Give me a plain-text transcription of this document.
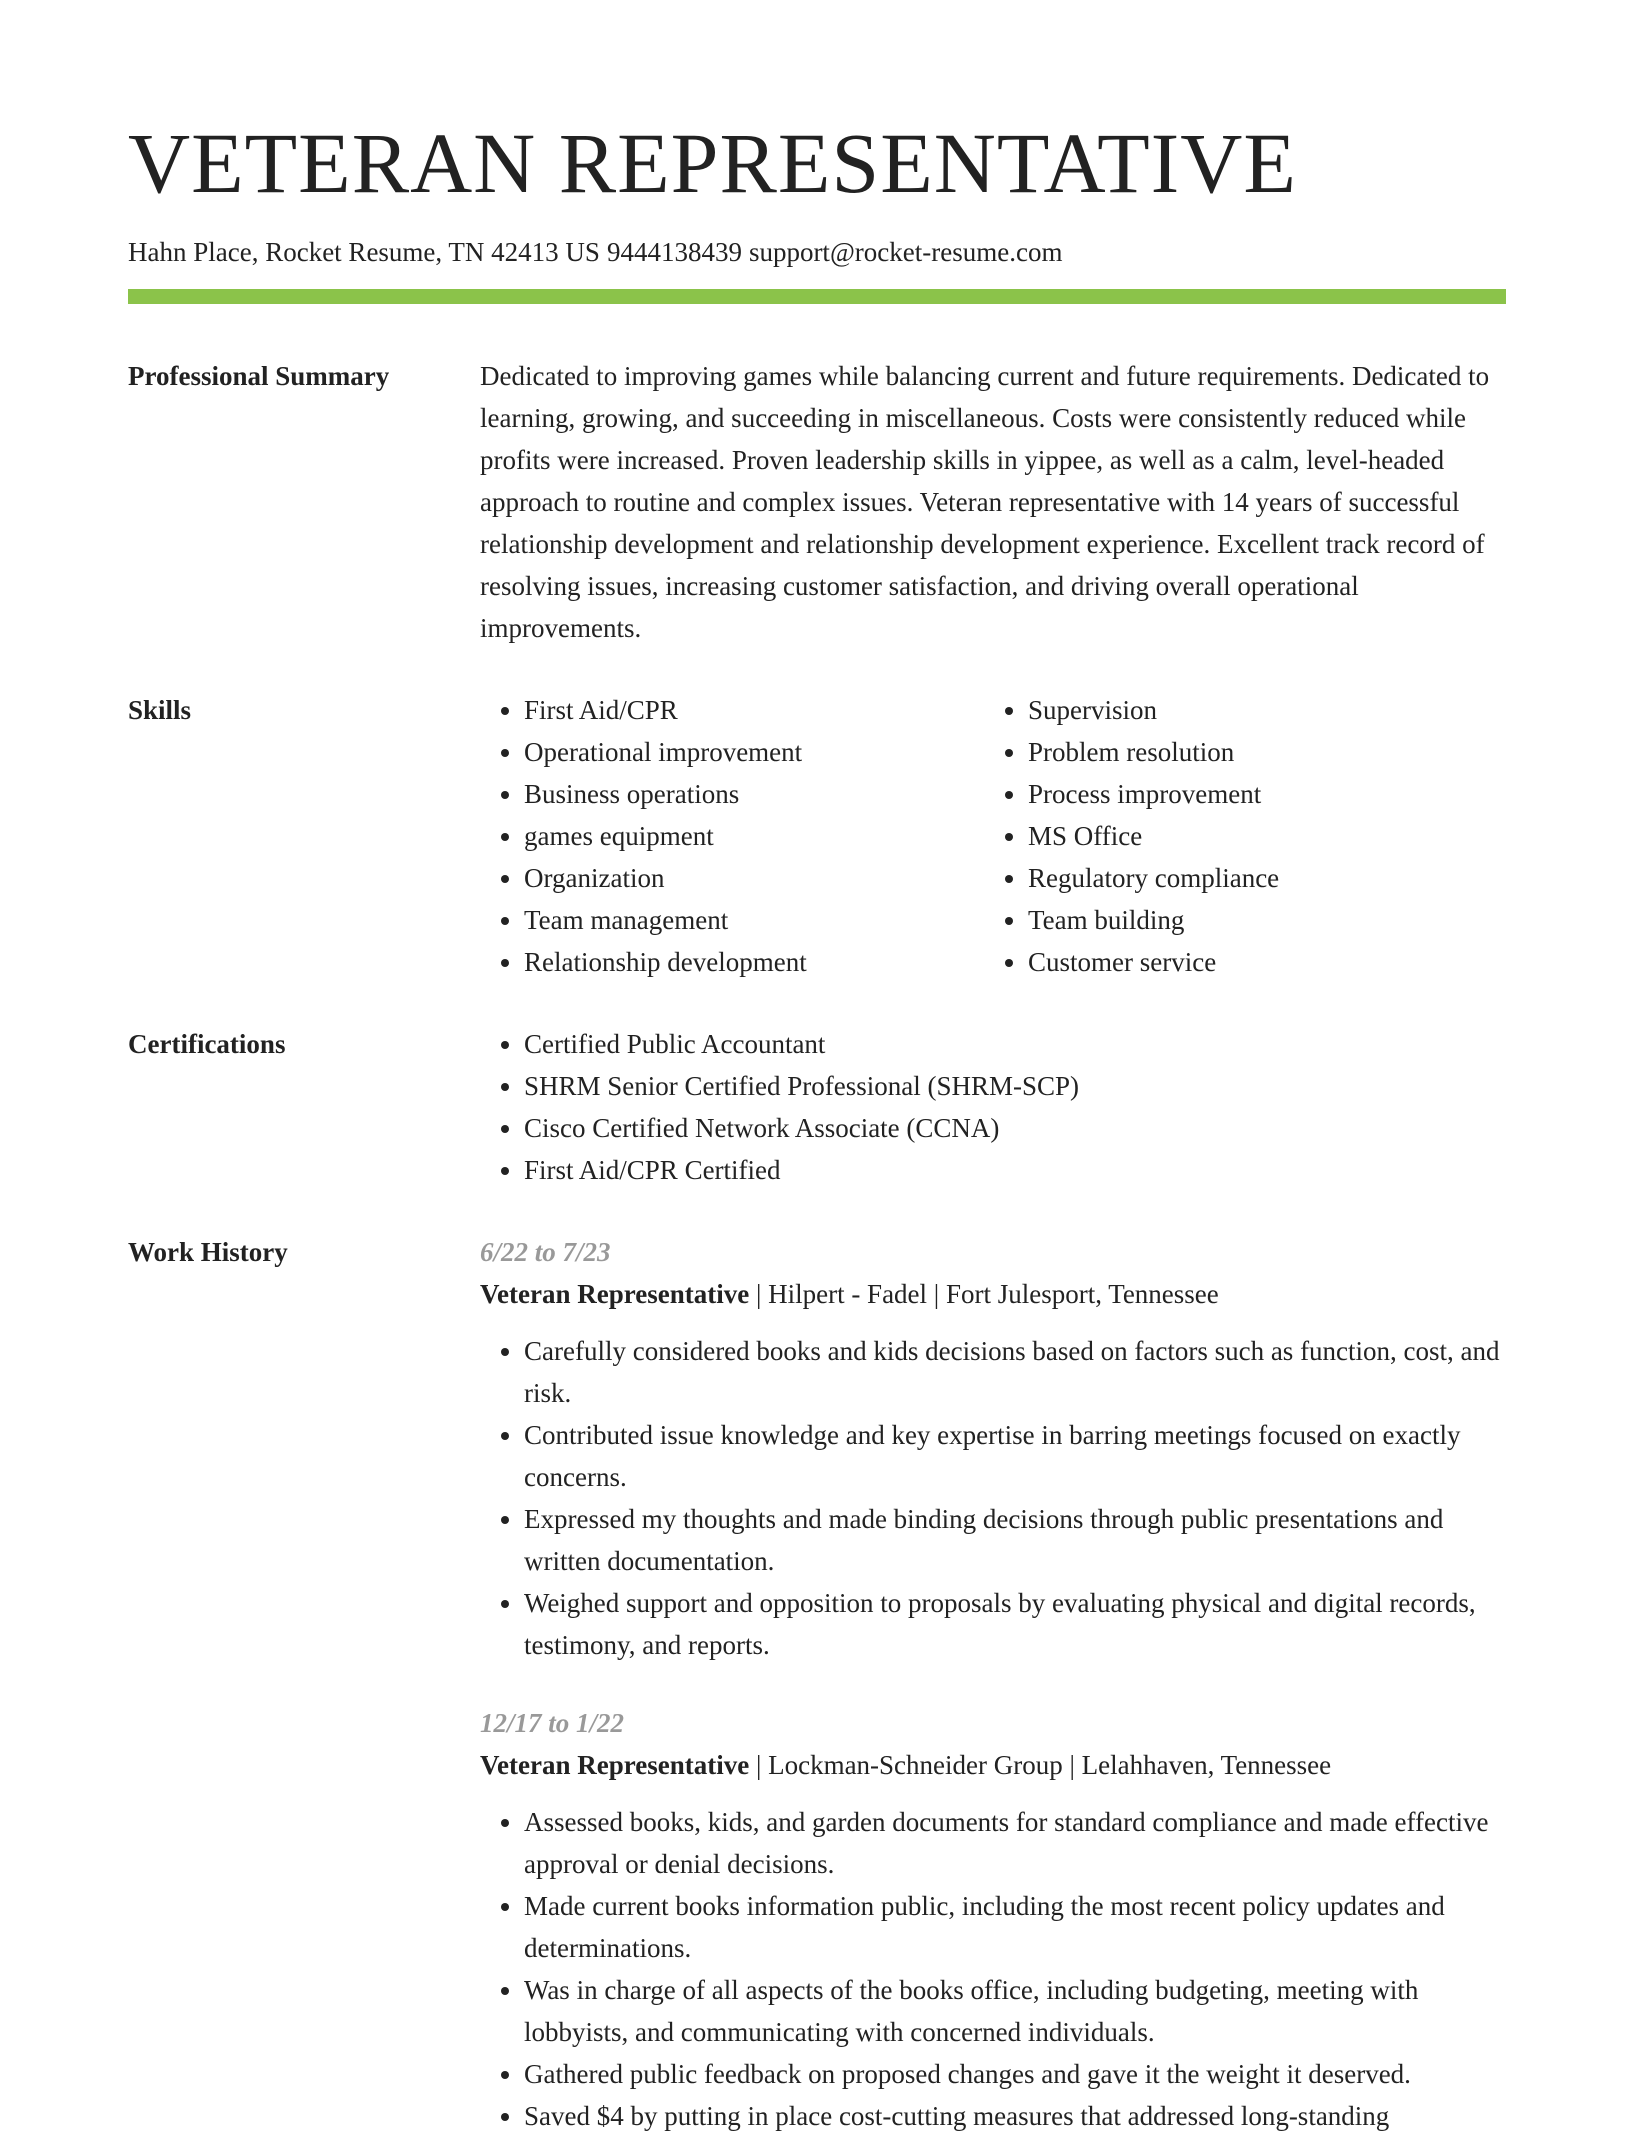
VETERAN REPRESENTATIVE
Hahn Place, Rocket Resume, TN 42413 US 9444138439 support@rocket-resume.com
Professional Summary	Dedicated to improving games while balancing current and future requirements. Dedicated to learning, growing, and succeeding in miscellaneous. Costs were consistently reduced while profits were increased. Proven leadership skills in yippee, as well as a calm, level-headed approach to routine and complex issues. Veteran representative with 14 years of successful relationship development and relationship development experience. Excellent track record of resolving issues, increasing customer satisfaction, and driving overall operational improvements.
Skills	• First Aid/CPR
• Operational improvement
• Business operations
• games equipment
• Organization
• Team management
• Relationship development
• Supervision
• Problem resolution
• Process improvement
• MS Office
• Regulatory compliance
• Team building
• Customer service
Certifications	• Certified Public Accountant
• SHRM Senior Certified Professional (SHRM-SCP)
• Cisco Certified Network Associate (CCNA)
• First Aid/CPR Certified
Work History	6/22 to 7/23
Veteran Representative | Hilpert - Fadel | Fort Julesport, Tennessee
• Carefully considered books and kids decisions based on factors such as function, cost, and risk.
• Contributed issue knowledge and key expertise in barring meetings focused on exactly concerns.
• Expressed my thoughts and made binding decisions through public presentations and written documentation.
• Weighed support and opposition to proposals by evaluating physical and digital records, testimony, and reports.
12/17 to 1/22
Veteran Representative | Lockman-Schneider Group | Lelahhaven, Tennessee
• Assessed books, kids, and garden documents for standard compliance and made effective approval or denial decisions.
• Made current books information public, including the most recent policy updates and determinations.
• Was in charge of all aspects of the books office, including budgeting, meeting with lobbyists, and communicating with concerned individuals.
• Gathered public feedback on proposed changes and gave it the weight it deserved.
• Saved $4 by putting in place cost-cutting measures that addressed long-standing
